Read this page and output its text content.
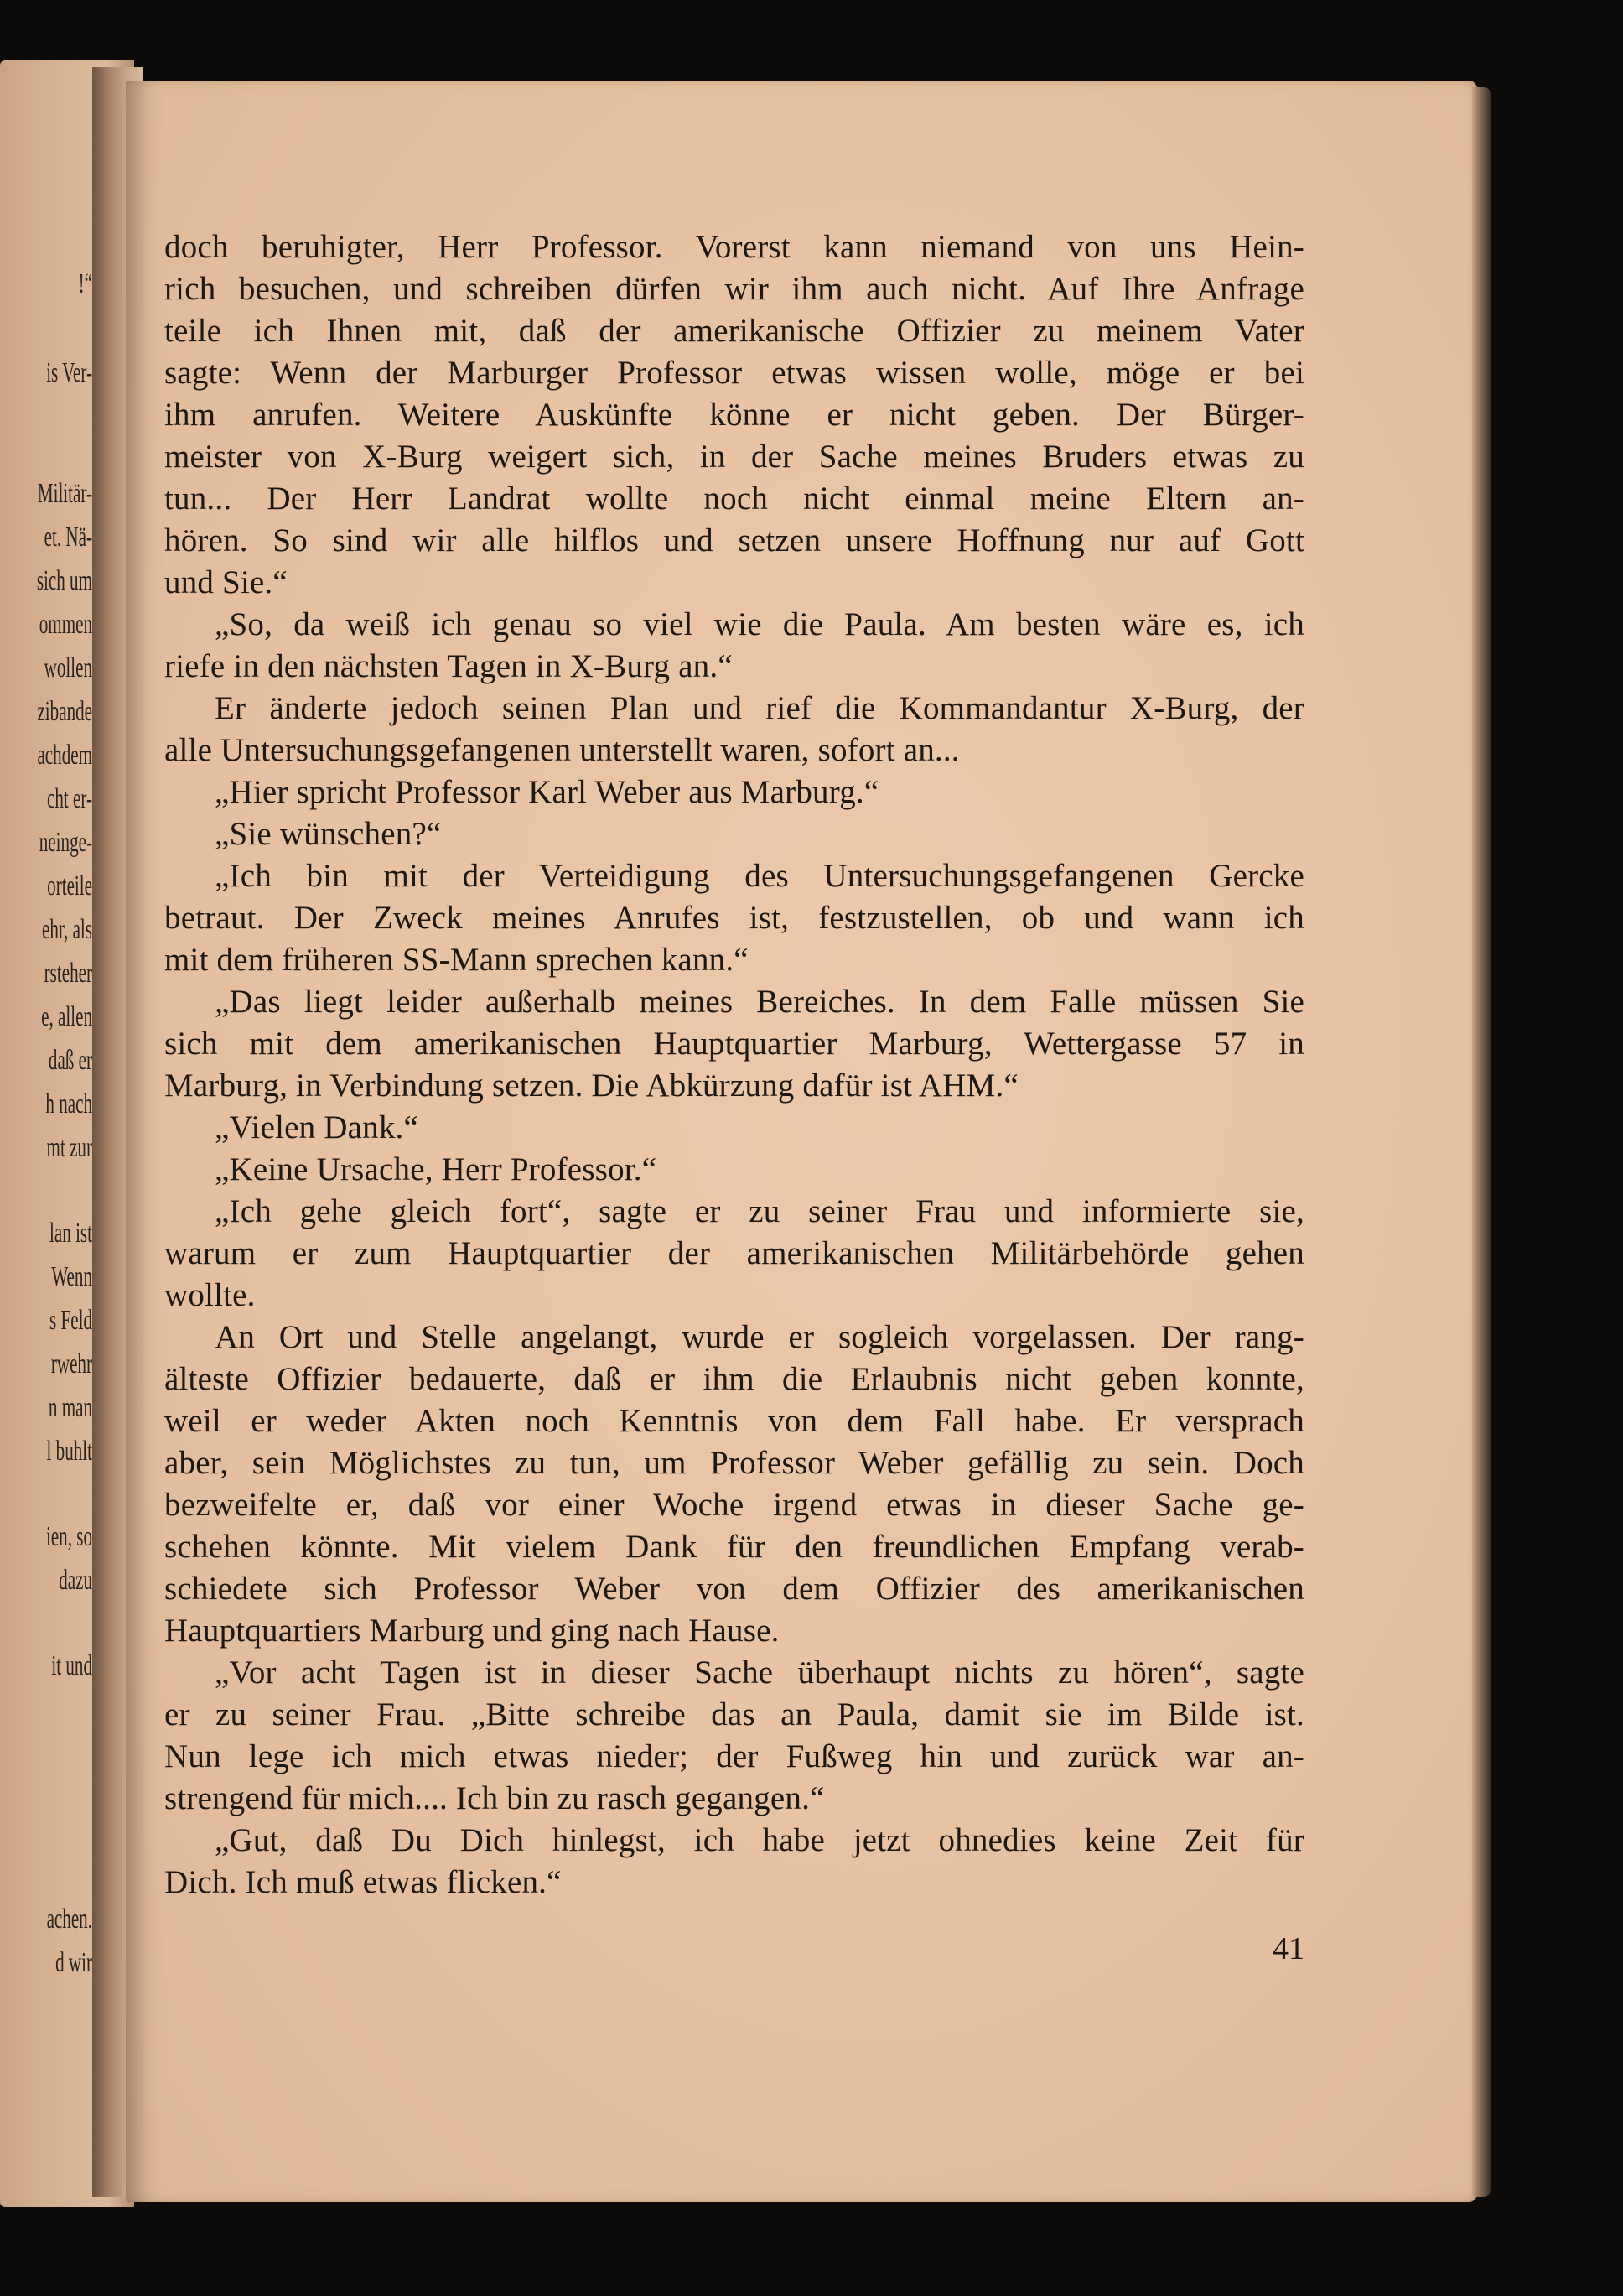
!“
is Ver-
Militär-
et. Nä-
sich um
ommen
wollen
zibande
achdem
cht er-
neinge-
orteile
ehr, als
rsteher
e, allen
daß er
h nach
mt zur
lan ist
Wenn
s Feld
rwehr
n man
l buhlt
ien, so
dazu
it und
achen.
d wir
doch beruhigter, Herr Professor. Vorerst kann niemand von uns Hein-
rich besuchen, und schreiben dürfen wir ihm auch nicht. Auf Ihre Anfrage
teile ich Ihnen mit, daß der amerikanische Offizier zu meinem Vater
sagte: Wenn der Marburger Professor etwas wissen wolle, möge er bei
ihm anrufen. Weitere Auskünfte könne er nicht geben. Der Bürger-
meister von X-Burg weigert sich, in der Sache meines Bruders etwas zu
tun... Der Herr Landrat wollte noch nicht einmal meine Eltern an-
hören. So sind wir alle hilflos und setzen unsere Hoffnung nur auf Gott
und Sie.“
„So, da weiß ich genau so viel wie die Paula. Am besten wäre es, ich
riefe in den nächsten Tagen in X-Burg an.“
Er änderte jedoch seinen Plan und rief die Kommandantur X-Burg, der
alle Untersuchungsgefangenen unterstellt waren, sofort an...
„Hier spricht Professor Karl Weber aus Marburg.“
„Sie wünschen?“
„Ich bin mit der Verteidigung des Untersuchungsgefangenen Gercke
betraut. Der Zweck meines Anrufes ist, festzustellen, ob und wann ich
mit dem früheren SS-Mann sprechen kann.“
„Das liegt leider außerhalb meines Bereiches. In dem Falle müssen Sie
sich mit dem amerikanischen Hauptquartier Marburg, Wettergasse 57 in
Marburg, in Verbindung setzen. Die Abkürzung dafür ist AHM.“
„Vielen Dank.“
„Keine Ursache, Herr Professor.“
„Ich gehe gleich fort“, sagte er zu seiner Frau und informierte sie,
warum er zum Hauptquartier der amerikanischen Militärbehörde gehen
wollte.
An Ort und Stelle angelangt, wurde er sogleich vorgelassen. Der rang-
älteste Offizier bedauerte, daß er ihm die Erlaubnis nicht geben konnte,
weil er weder Akten noch Kenntnis von dem Fall habe. Er versprach
aber, sein Möglichstes zu tun, um Professor Weber gefällig zu sein. Doch
bezweifelte er, daß vor einer Woche irgend etwas in dieser Sache ge-
schehen könnte. Mit vielem Dank für den freundlichen Empfang verab-
schiedete sich Professor Weber von dem Offizier des amerikanischen
Hauptquartiers Marburg und ging nach Hause.
„Vor acht Tagen ist in dieser Sache überhaupt nichts zu hören“, sagte
er zu seiner Frau. „Bitte schreibe das an Paula, damit sie im Bilde ist.
Nun lege ich mich etwas nieder; der Fußweg hin und zurück war an-
strengend für mich.... Ich bin zu rasch gegangen.“
„Gut, daß Du Dich hinlegst, ich habe jetzt ohnedies keine Zeit für
Dich. Ich muß etwas flicken.“
41
